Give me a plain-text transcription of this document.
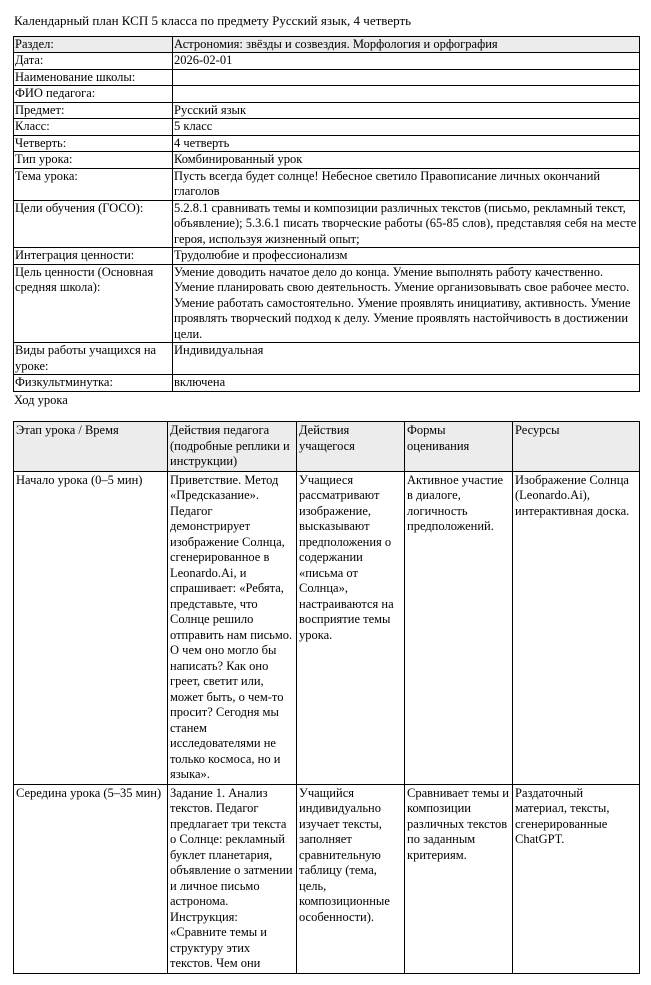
Календарный план КСП 5 класса по предмету Русский язык, 4 четверть
Раздел:	Астрономия: звёзды и созвездия. Морфология и орфография
Дата:	2026-02-01
Наименование школы:	
ФИО педагога:	
Предмет:	Русский язык
Класс:	5 класс
Четверть:	4 четверть
Тип урока:	Комбинированный урок
Тема урока:	Пусть всегда будет солнце! Небесное светило Правописание личных окончаний глаголов
Цели обучения (ГОСО):	5.2.8.1 сравнивать темы и композиции различных текстов (письмо, рекламный текст, объявление); 5.3.6.1 писать творческие работы (65-85 слов), представляя себя на месте героя, используя жизненный опыт;
Интеграция ценности:	Трудолюбие и профессионализм
Цель ценности (Основная средняя школа):	Умение доводить начатое дело до конца. Умение выполнять работу качественно. Умение планировать свою деятельность. Умение организовывать свое рабочее место. Умение работать самостоятельно. Умение проявлять инициативу, активность. Умение проявлять творческий подход к делу. Умение проявлять настойчивость в достижении цели.
Виды работы учащихся на уроке:	Индивидуальная
Физкультминутка:	включена
Ход урока
Этап урока / Время	Действия педагога (подробные реплики и инструкции)	Действия учащегося	Формы оценивания	Ресурсы
Начало урока (0–5 мин)	Приветствие. Метод «Предсказание». Педагог демонстрирует изображение Солнца, сгенерированное в Leonardo.Ai, и спрашивает: «Ребята, представьте, что Солнце решило отправить нам письмо. О чем оно могло бы написать? Как оно греет, светит или, может быть, о чем-то просит? Сегодня мы станем исследователями не только космоса, но и языка».	Учащиеся рассматривают изображение, высказывают предположения о содержании «письма от Солнца», настраиваются на восприятие темы урока.	Активное участие в диалоге, логичность предположений.	Изображение Солнца (Leonardo.Ai), интерактивная доска.
Середина урока (5–35 мин)	Задание 1. Анализ текстов. Педагог предлагает три текста о Солнце: рекламный буклет планетария, объявление о затмении и личное письмо астронома. Инструкция: «Сравните темы и структуру этих текстов. Чем они	Учащийся индивидуально изучает тексты, заполняет сравнительную таблицу (тема, цель, композиционные особенности).	Сравнивает темы и композиции различных текстов по заданным критериям.	Раздаточный материал, тексты, сгенерированные ChatGPT.
